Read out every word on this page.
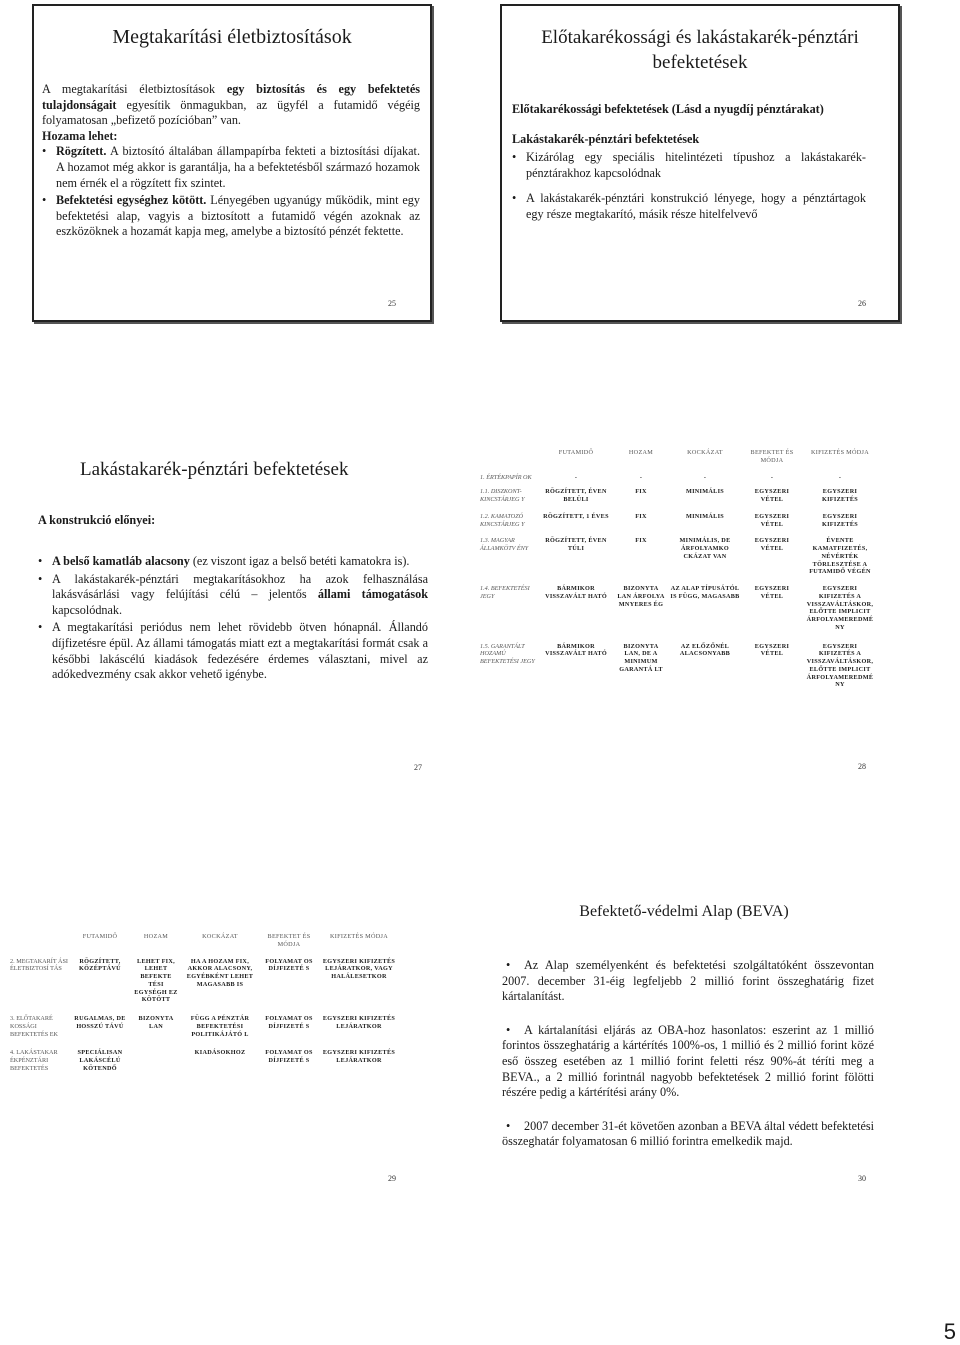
Megtakarítási életbiztosítások

A megtakarítási életbiztosítások egy biztosítás és egy befektetés tulajdonságait egyesítik önmagukban, az ügyfél a futamidő végéig folyamatosan „befizető pozícióban” van.

Hozama lehet:

• Rögzített. A biztosító általában állampapírba fekteti a biztosítási díjakat. A hozamot még akkor is garantálja, ha a befektetésből származó hozamok nem érnék el a rögzített fix szintet.
• Befektetési egységhez kötött. Lényegében ugyanúgy működik, mint egy befektetési alap, vagyis a biztosított a futamidő végén azoknak az eszközöknek a hozamát kapja meg, amelybe a biztosító pénzét fektette.
25
Előtakarékossági és lakástakarék-pénztári befektetések

Előtakarékossági befektetések (Lásd a nyugdíj pénztárakat)

Lakástakarék-pénztári befektetések

• Kizárólag egy speciális hitelintézeti típushoz a lakástakarék-pénztárakhoz kapcsolódnak
• A lakástakarék-pénztári konstrukció lényege, hogy a pénztártagok egy része megtakarító, másik része hitelfelvevő
26
Lakástakarék-pénztári befektetések
A konstrukció előnyei:
• A belső kamatláb alacsony (ez viszont igaz a belső betéti kamatokra is).
• A lakástakarék-pénztári megtakarításokhoz ha azok felhasználása lakásvásárlási vagy felújítási célú – jelentős állami támogatások kapcsolódnak.
• A megtakarítási periódus nem lehet rövidebb ötven hónapnál. Állandó díjfizetésre épül. Az állami támogatás miatt ezt a megtakarítási formát csak a későbbi lakáscélú kiadások fedezésére érdemes választani, mivel az adókedvezmény csak akkor vehető igénybe.
27
	FUTAMIDŐ	HOZAM	KOCKÁZAT	BEFEKTET ÉS MÓDJA	KIFIZETÉS MÓDJA
1. ÉRTÉKPAPÍR OK	-	-	-	-	-
1.1. DISZKONT-KINCSTÁRJEG Y	RÖGZÍTETT, ÉVEN BELÜLI	FIX	MINIMÁLIS	EGYSZERI VÉTEL	EGYSZERI KIFIZETÉS
1.2. KAMATOZÓ KINCSTÁRJEG Y	RÖGZÍTETT, 1 ÉVES	FIX	MINIMÁLIS	EGYSZERI VÉTEL	EGYSZERI KIFIZETÉS
1.3. MAGYAR ÁLLAMKÖTV ÉNY	RÖGZÍTETT, ÉVEN TÚLI	FIX	MINIMÁLIS, DE ÁRFOLYAMKO CKÁZAT VAN	EGYSZERI VÉTEL	ÉVENTE KAMATFIZETÉS, NÉVÉRTÉK TÖRLESZTÉSE A FUTAMIDŐ VÉGÉN
1.4. BEFEKTETÉSI JEGY	BÁRMIKOR VISSZAVÁLT HATÓ	BIZONYTA LAN ÁRFOLYA MNYERES ÉG	AZ ALAP TÍPUSÁTÓL IS FÜGG, MAGASABB	EGYSZERI VÉTEL	EGYSZERI KIFIZETÉS A VISSZAVÁLTÁSKOR, ELŐTTE IMPLICIT ÁRFOLYAMEREDMÉ NY
1.5. GARANTÁLT HOZAMÚ BEFEKTETÉSI JEGY	BÁRMIKOR VISSZAVÁLT HATÓ	BIZONYTA LAN, DE A MINIMUM GARANTÁ LT	AZ ELŐZŐNÉL ALACSONYABB	EGYSZERI VÉTEL	EGYSZERI KIFIZETÉS A VISSZAVÁLTÁSKOR, ELŐTTE IMPLICIT ÁRFOLYAMEREDMÉ NY
28
	FUTAMIDŐ	HOZAM	KOCKÁZAT	BEFEKTET ÉS MÓDJA	KIFIZETÉS MÓDJA
2. MEGTAKARÍT ÁSI ÉLETBIZTOSÍ TÁS	RÖGZÍTETT, KÖZÉPTÁVÚ	LEHET FIX, LEHET BEFEKTE TÉSI EGYSÉGH EZ KÖTÖTT	HA A HOZAM FIX, AKKOR ALACSONY, EGYÉBKÉNT LEHET MAGASABB IS	FOLYAMAT OS DÍJFIZETÉ S	EGYSZERI KIFIZETÉS LEJÁRATKOR, VAGY HALÁLESETKOR
3. ELŐTAKARÉ KOSSÁGI BEFEKTETÉS EK	RUGALMAS, DE HOSSZÚ TÁVÚ	BIZONYTA LAN	FÜGG A PÉNZTÁR BEFEKTETÉSI POLITIKÁJÁTÓ L	FOLYAMAT OS DÍJFIZETÉ S	EGYSZERI KIFIZETÉS LEJÁRATKOR
4. LAKÁSTAKAR ÉKPÉNZTÁRI BEFEKTETÉS	SPECIÁLISAN LAKÁSCÉLÚ KÖTENDŐ		KIADÁSOKHOZ	FOLYAMAT OS DÍJFIZETÉ S	EGYSZERI KIFIZETÉS LEJÁRATKOR
29
Befektető-védelmi Alap (BEVA)
• Az Alap személyenként és befektetési szolgáltatóként összevontan 2007. december 31-éig legfeljebb 2 millió forint összeghatárig fizet kártalanítást.
• A kártalanítási eljárás az OBA-hoz hasonlatos: eszerint az 1 millió forintos összeghatárig a kártérítés 100%-os, 1 millió és 2 millió forint közé eső összeg esetében az 1 millió forint feletti rész 90%-át téríti meg a BEVA., a 2 millió forintnál nagyobb befektetések 2 millió forint fölötti részére pedig a kártérítési arány 0%.
• 2007 december 31-ét követően azonban a BEVA által védett befektetési összeghatár folyamatosan 6 millió forintra emelkedik majd.
30
5
